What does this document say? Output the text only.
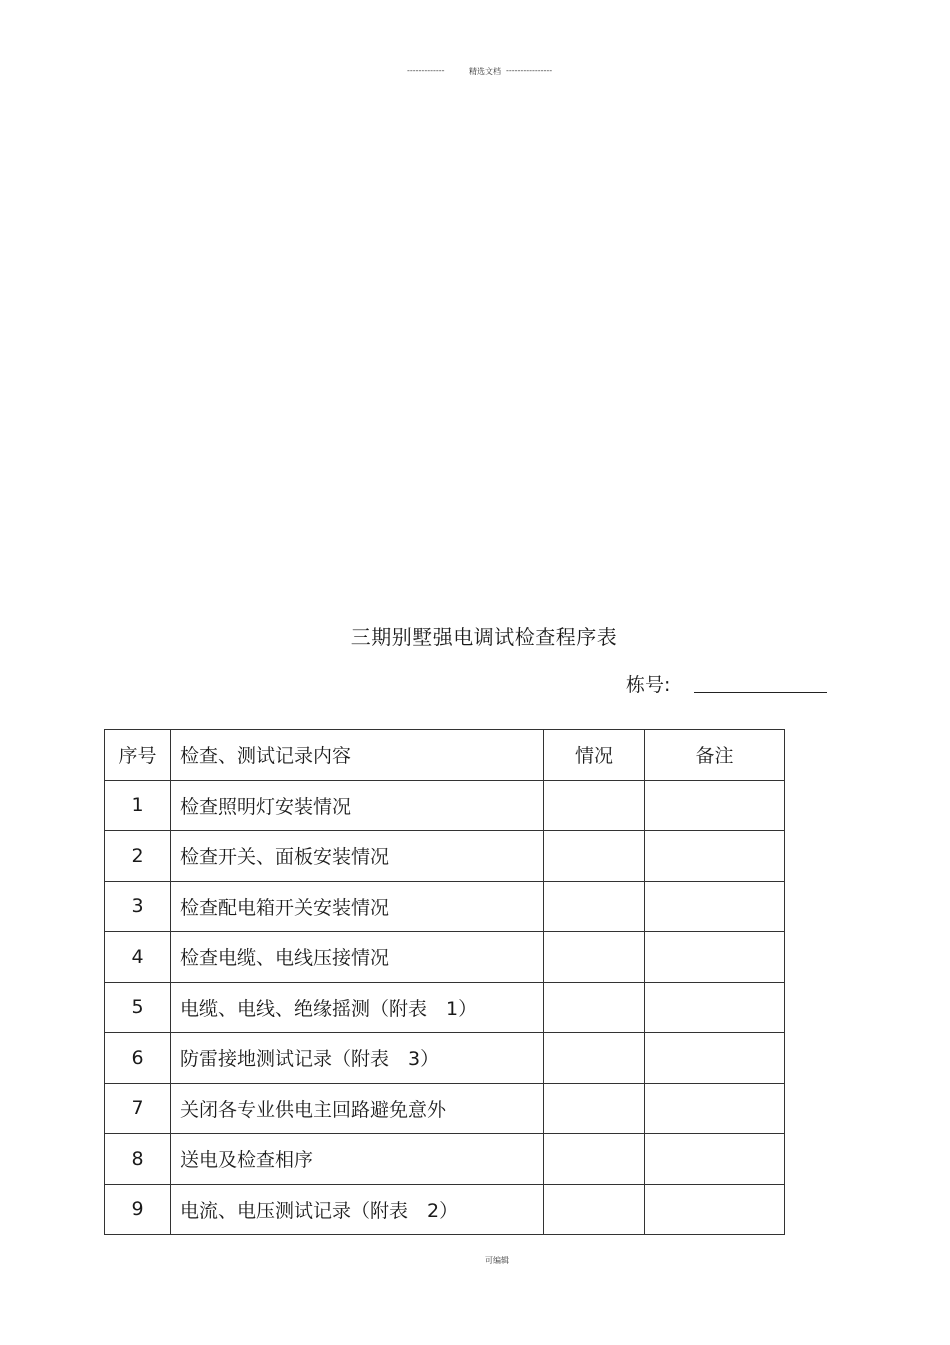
-------------	精选文档 ----------------
三期别墅强电调试检查程序表
栋号:
序号	检查、测试记录内容	情况	备注
1	检查照明灯安装情况		
2	检查开关、面板安装情况		
3	检查配电箱开关安装情况		
4	检查电缆、电线压接情况		
5	电缆、电线、绝缘摇测（附表　1）		
6	防雷接地测试记录（附表　3）		
7	关闭各专业供电主回路避免意外		
8	送电及检查相序		
9	电流、电压测试记录（附表　2）		
可编辑
